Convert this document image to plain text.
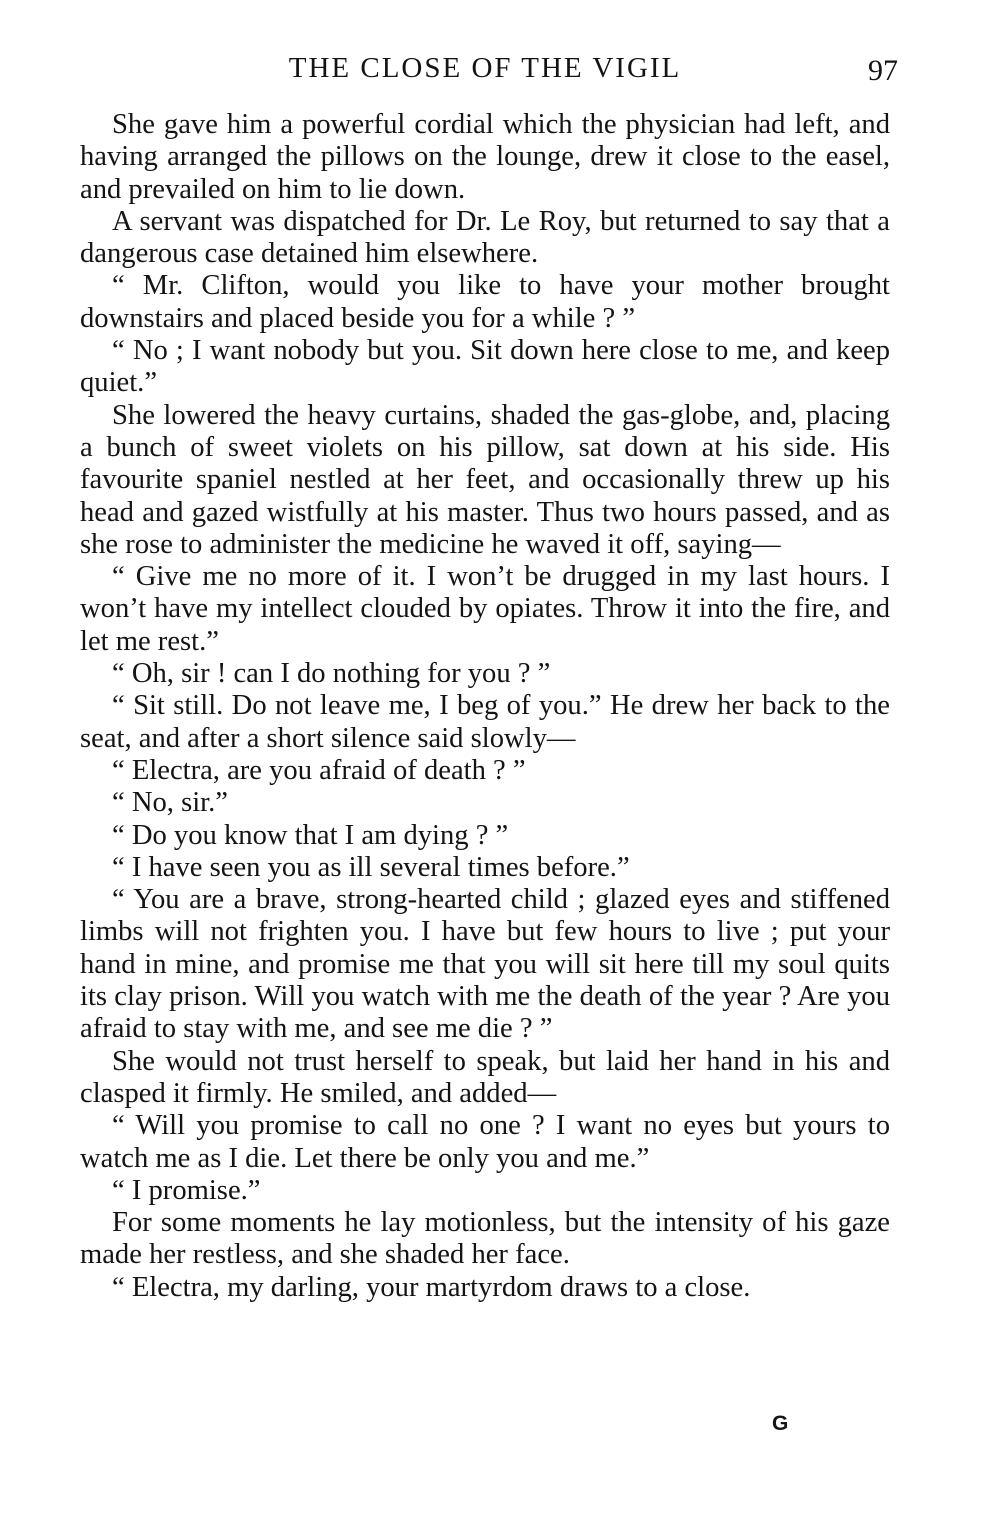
THE CLOSE OF THE VIGIL	97

She gave him a powerful cordial which the physician had left, and having arranged the pillows on the lounge, drew it close to the easel, and prevailed on him to lie down.

A servant was dispatched for Dr. Le Roy, but returned to say that a dangerous case detained him elsewhere.

“ Mr. Clifton, would you like to have your mother brought downstairs and placed beside you for a while ? ”

“ No ; I want nobody but you. Sit down here close to me, and keep quiet.”

She lowered the heavy curtains, shaded the gas-globe, and, placing a bunch of sweet violets on his pillow, sat down at his side. His favourite spaniel nestled at her feet, and occasionally threw up his head and gazed wistfully at his master. Thus two hours passed, and as she rose to administer the medicine he waved it off, saying—

“ Give me no more of it. I won’t be drugged in my last hours. I won’t have my intellect clouded by opiates. Throw it into the fire, and let me rest.”

“ Oh, sir ! can I do nothing for you ? ”

“ Sit still. Do not leave me, I beg of you.” He drew her back to the seat, and after a short silence said slowly—

“ Electra, are you afraid of death ? ”

“ No, sir.”

“ Do you know that I am dying ? ”

“ I have seen you as ill several times before.”

“ You are a brave, strong-hearted child ; glazed eyes and stiffened limbs will not frighten you. I have but few hours to live ; put your hand in mine, and promise me that you will sit here till my soul quits its clay prison. Will you watch with me the death of the year ? Are you afraid to stay with me, and see me die ? ”

She would not trust herself to speak, but laid her hand in his and clasped it firmly. He smiled, and added—

“ Will you promise to call no one ? I want no eyes but yours to watch me as I die. Let there be only you and me.”

“ I promise.”

For some moments he lay motionless, but the intensity of his gaze made her restless, and she shaded her face.

“ Electra, my darling, your martyrdom draws to a close.

G
